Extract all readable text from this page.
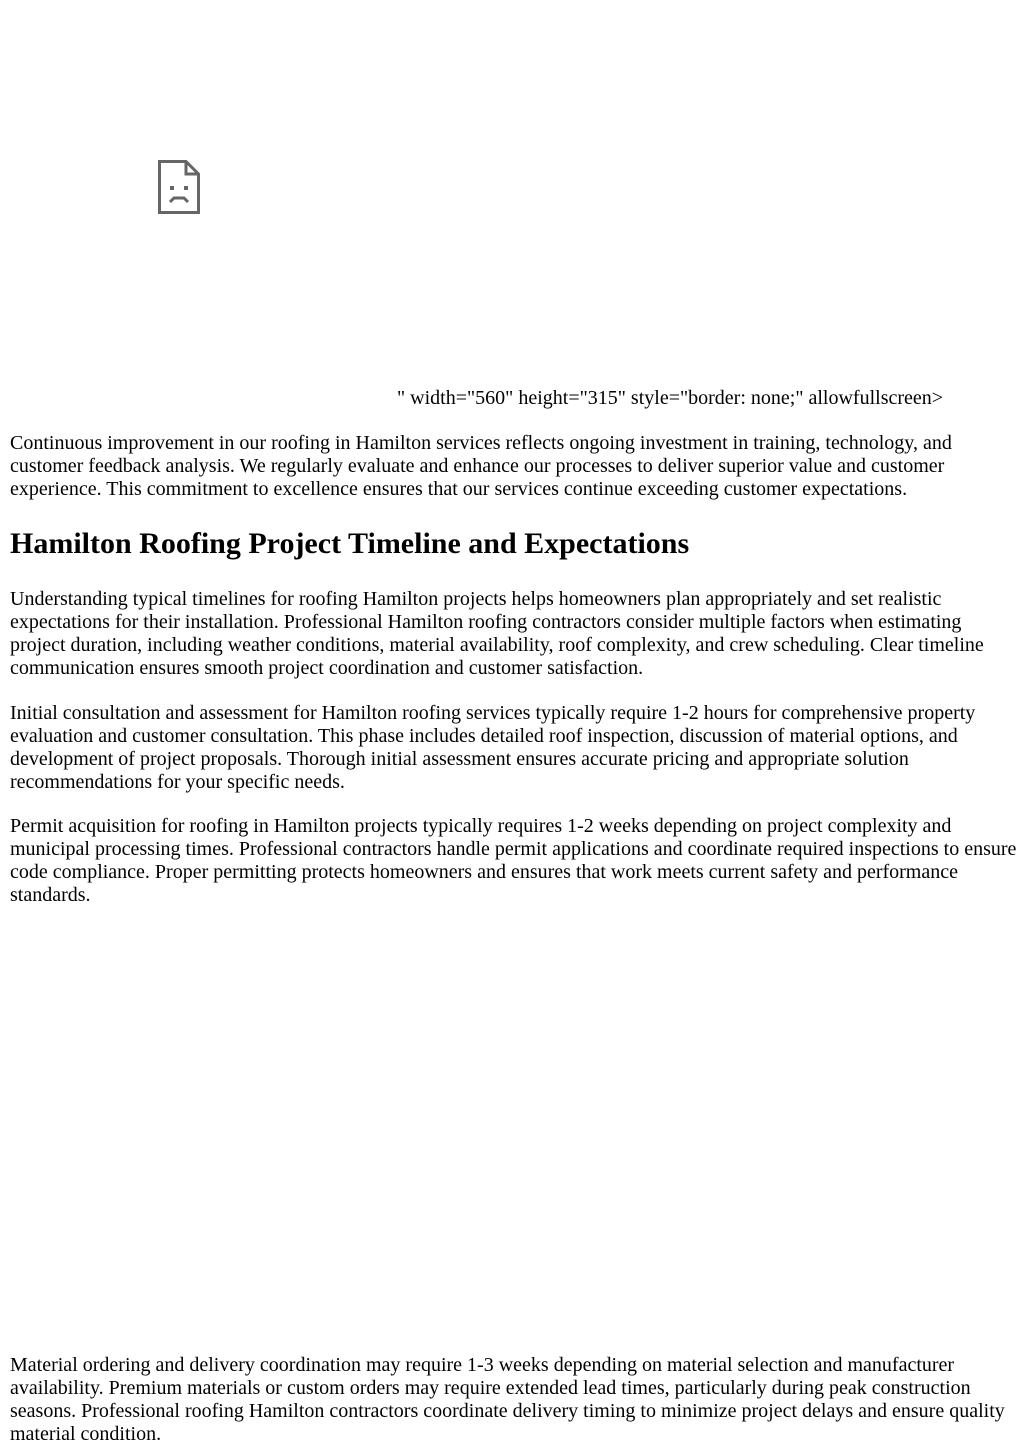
" width="560" height="315" style="border: none;" allowfullscreen>

Continuous improvement in our roofing in Hamilton services reflects ongoing investment in training, technology, and customer feedback analysis. We regularly evaluate and enhance our processes to deliver superior value and customer experience. This commitment to excellence ensures that our services continue exceeding customer expectations.

Hamilton Roofing Project Timeline and Expectations

Understanding typical timelines for roofing Hamilton projects helps homeowners plan appropriately and set realistic expectations for their installation. Professional Hamilton roofing contractors consider multiple factors when estimating project duration, including weather conditions, material availability, roof complexity, and crew scheduling. Clear timeline communication ensures smooth project coordination and customer satisfaction.

Initial consultation and assessment for Hamilton roofing services typically require 1-2 hours for comprehensive property evaluation and customer consultation. This phase includes detailed roof inspection, discussion of material options, and development of project proposals. Thorough initial assessment ensures accurate pricing and appropriate solution recommendations for your specific needs.

Permit acquisition for roofing in Hamilton projects typically requires 1-2 weeks depending on project complexity and municipal processing times. Professional contractors handle permit applications and coordinate required inspections to ensure code compliance. Proper permitting protects homeowners and ensures that work meets current safety and performance standards.

Material ordering and delivery coordination may require 1-3 weeks depending on material selection and manufacturer availability. Premium materials or custom orders may require extended lead times, particularly during peak construction seasons. Professional roofing Hamilton contractors coordinate delivery timing to minimize project delays and ensure quality material condition.
